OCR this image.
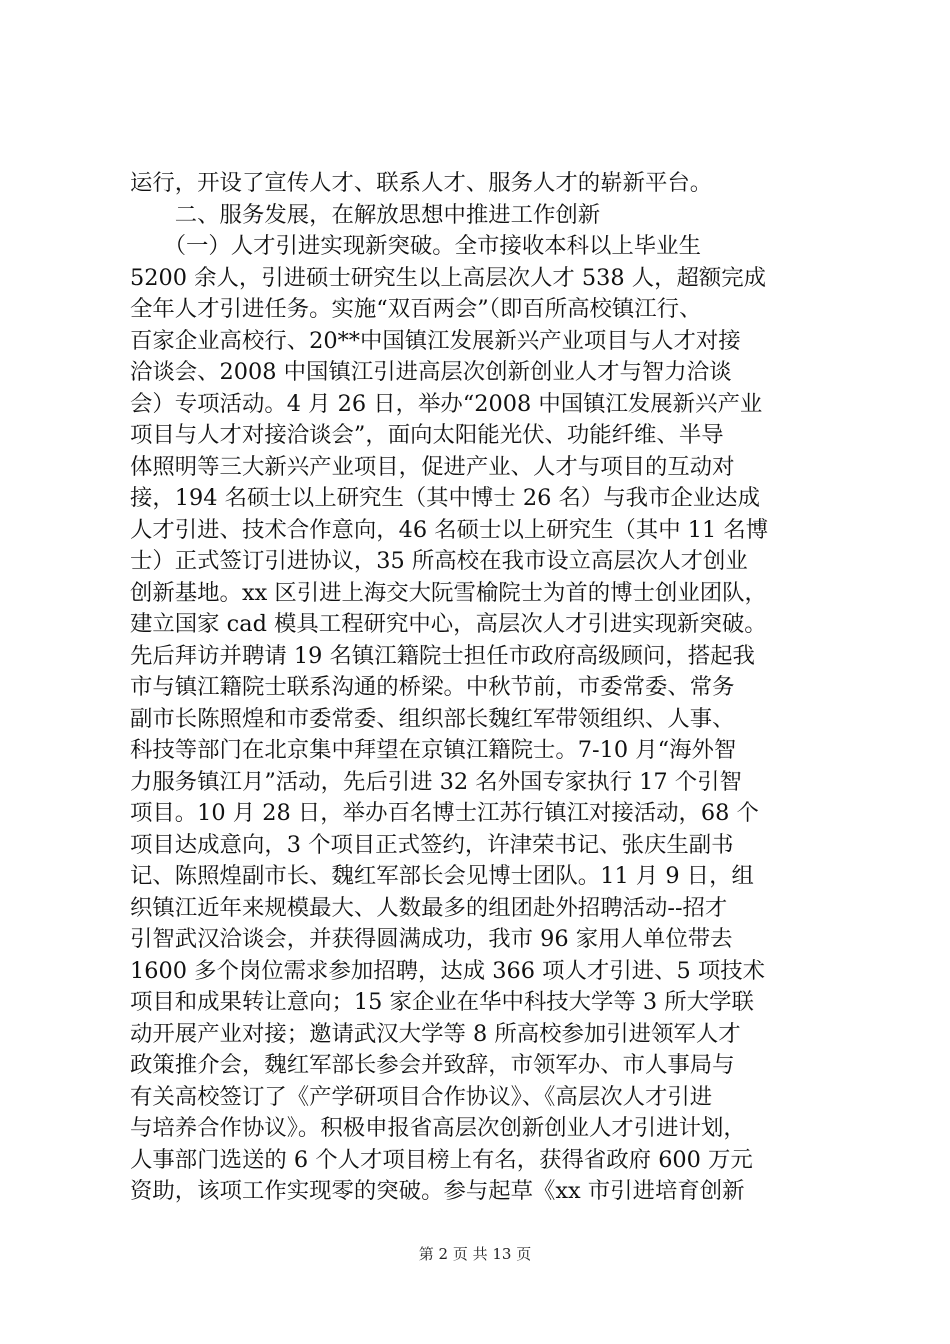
运行，开设了宣传人才、联系人才、服务人才的崭新平台。
　　二、服务发展，在解放思想中推进工作创新
　　（一）人才引进实现新突破。全市接收本科以上毕业生
5200 余人，引进硕士研究生以上高层次人才 538 人，超额完成
全年人才引进任务。实施“双百两会”（即百所高校镇江行、
百家企业高校行、20**中国镇江发展新兴产业项目与人才对接
洽谈会、2008 中国镇江引进高层次创新创业人才与智力洽谈
会）专项活动。4 月 26 日，举办“2008 中国镇江发展新兴产业
项目与人才对接洽谈会”，面向太阳能光伏、功能纤维、半导
体照明等三大新兴产业项目，促进产业、人才与项目的互动对
接，194 名硕士以上研究生（其中博士 26 名）与我市企业达成
人才引进、技术合作意向，46 名硕士以上研究生（其中 11 名博
士）正式签订引进协议，35 所高校在我市设立高层次人才创业
创新基地。xx 区引进上海交大阮雪榆院士为首的博士创业团队，
建立国家 cad 模具工程研究中心，高层次人才引进实现新突破。
先后拜访并聘请 19 名镇江籍院士担任市政府高级顾问，搭起我
市与镇江籍院士联系沟通的桥梁。中秋节前，市委常委、常务
副市长陈照煌和市委常委、组织部长魏红军带领组织、人事、
科技等部门在北京集中拜望在京镇江籍院士。7-10 月“海外智
力服务镇江月”活动，先后引进 32 名外国专家执行 17 个引智
项目。10 月 28 日，举办百名博士江苏行镇江对接活动，68 个
项目达成意向，3 个项目正式签约，许津荣书记、张庆生副书
记、陈照煌副市长、魏红军部长会见博士团队。11 月 9 日，组
织镇江近年来规模最大、人数最多的组团赴外招聘活动--招才
引智武汉洽谈会，并获得圆满成功，我市 96 家用人单位带去
1600 多个岗位需求参加招聘，达成 366 项人才引进、5 项技术
项目和成果转让意向；15 家企业在华中科技大学等 3 所大学联
动开展产业对接；邀请武汉大学等 8 所高校参加引进领军人才
政策推介会，魏红军部长参会并致辞，市领军办、市人事局与
有关高校签订了《产学研项目合作协议》、《高层次人才引进
与培养合作协议》。积极申报省高层次创新创业人才引进计划，
人事部门选送的 6 个人才项目榜上有名，获得省政府 600 万元
资助，该项工作实现零的突破。参与起草《xx 市引进培育创新
第 2 页 共 13 页
